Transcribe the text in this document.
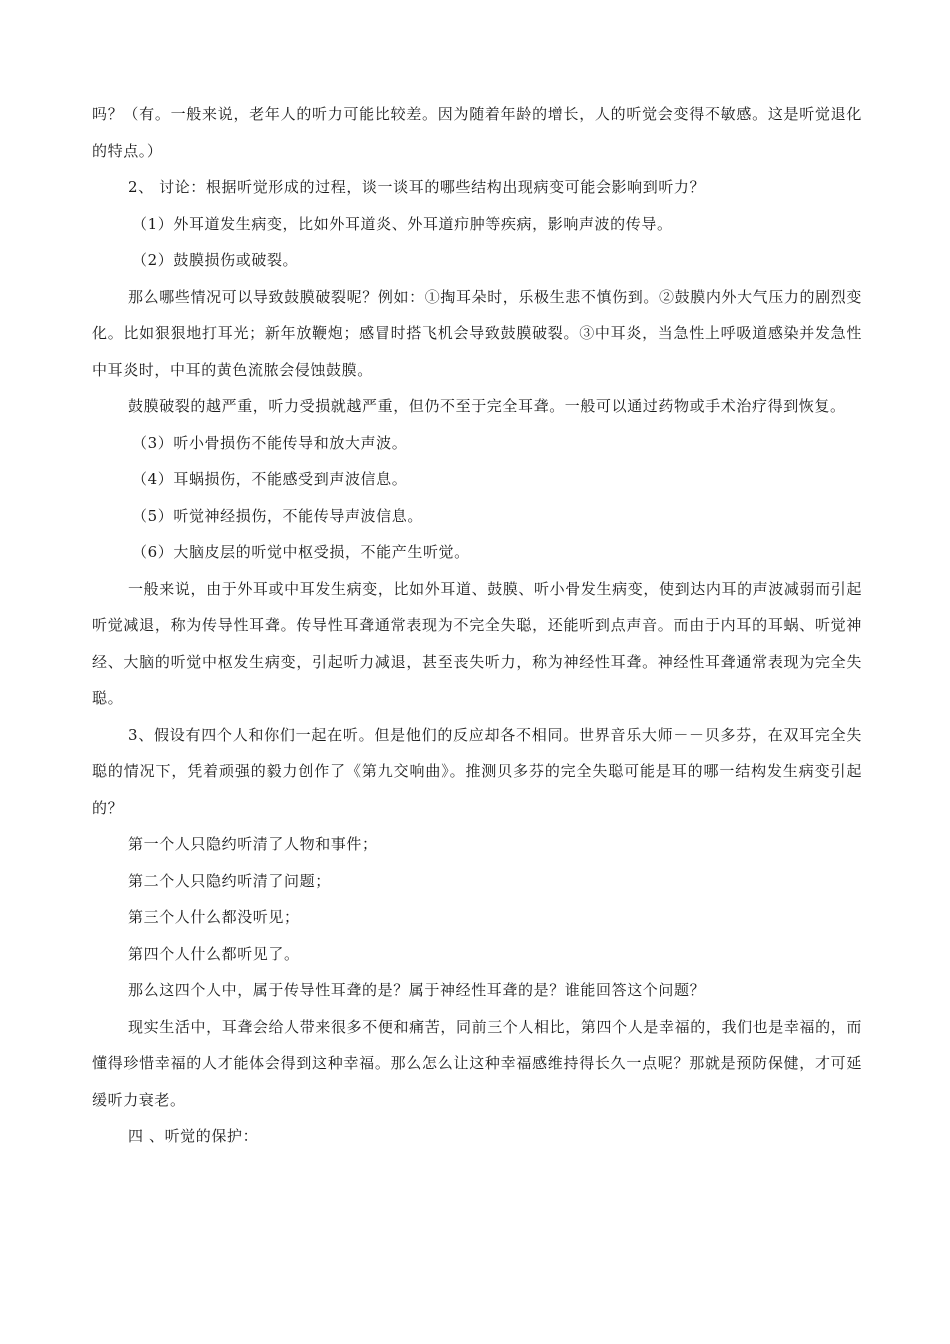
吗？（有。一般来说，老年人的听力可能比较差。因为随着年龄的增长，人的听觉会变得不敏感。这是听觉退化的特点。）

2、 讨论：根据听觉形成的过程，谈一谈耳的哪些结构出现病变可能会影响到听力？

（1）外耳道发生病变，比如外耳道炎、外耳道疖肿等疾病，影响声波的传导。

（2）鼓膜损伤或破裂。

那么哪些情况可以导致鼓膜破裂呢？例如：①掏耳朵时，乐极生悲不慎伤到。②鼓膜内外大气压力的剧烈变化。比如狠狠地打耳光；新年放鞭炮；感冒时搭飞机会导致鼓膜破裂。③中耳炎，当急性上呼吸道感染并发急性中耳炎时，中耳的黄色流脓会侵蚀鼓膜。

鼓膜破裂的越严重，听力受损就越严重，但仍不至于完全耳聋。一般可以通过药物或手术治疗得到恢复。

（3）听小骨损伤不能传导和放大声波。

（4）耳蜗损伤，不能感受到声波信息。

（5）听觉神经损伤，不能传导声波信息。

（6）大脑皮层的听觉中枢受损，不能产生听觉。

一般来说，由于外耳或中耳发生病变，比如外耳道、鼓膜、听小骨发生病变，使到达内耳的声波减弱而引起听觉减退，称为传导性耳聋。传导性耳聋通常表现为不完全失聪，还能听到点声音。而由于内耳的耳蜗、听觉神经、大脑的听觉中枢发生病变，引起听力减退，甚至丧失听力，称为神经性耳聋。神经性耳聋通常表现为完全失聪。

3、假设有四个人和你们一起在听。但是他们的反应却各不相同。世界音乐大师－－贝多芬，在双耳完全失聪的情况下，凭着顽强的毅力创作了《第九交响曲》。推测贝多芬的完全失聪可能是耳的哪一结构发生病变引起的？

第一个人只隐约听清了人物和事件；

第二个人只隐约听清了问题；

第三个人什么都没听见；

第四个人什么都听见了。

那么这四个人中，属于传导性耳聋的是？属于神经性耳聋的是？谁能回答这个问题？

现实生活中，耳聋会给人带来很多不便和痛苦，同前三个人相比，第四个人是幸福的，我们也是幸福的，而懂得珍惜幸福的人才能体会得到这种幸福。那么怎么让这种幸福感维持得长久一点呢？那就是预防保健，才可延缓听力衰老。

四 、听觉的保护：
